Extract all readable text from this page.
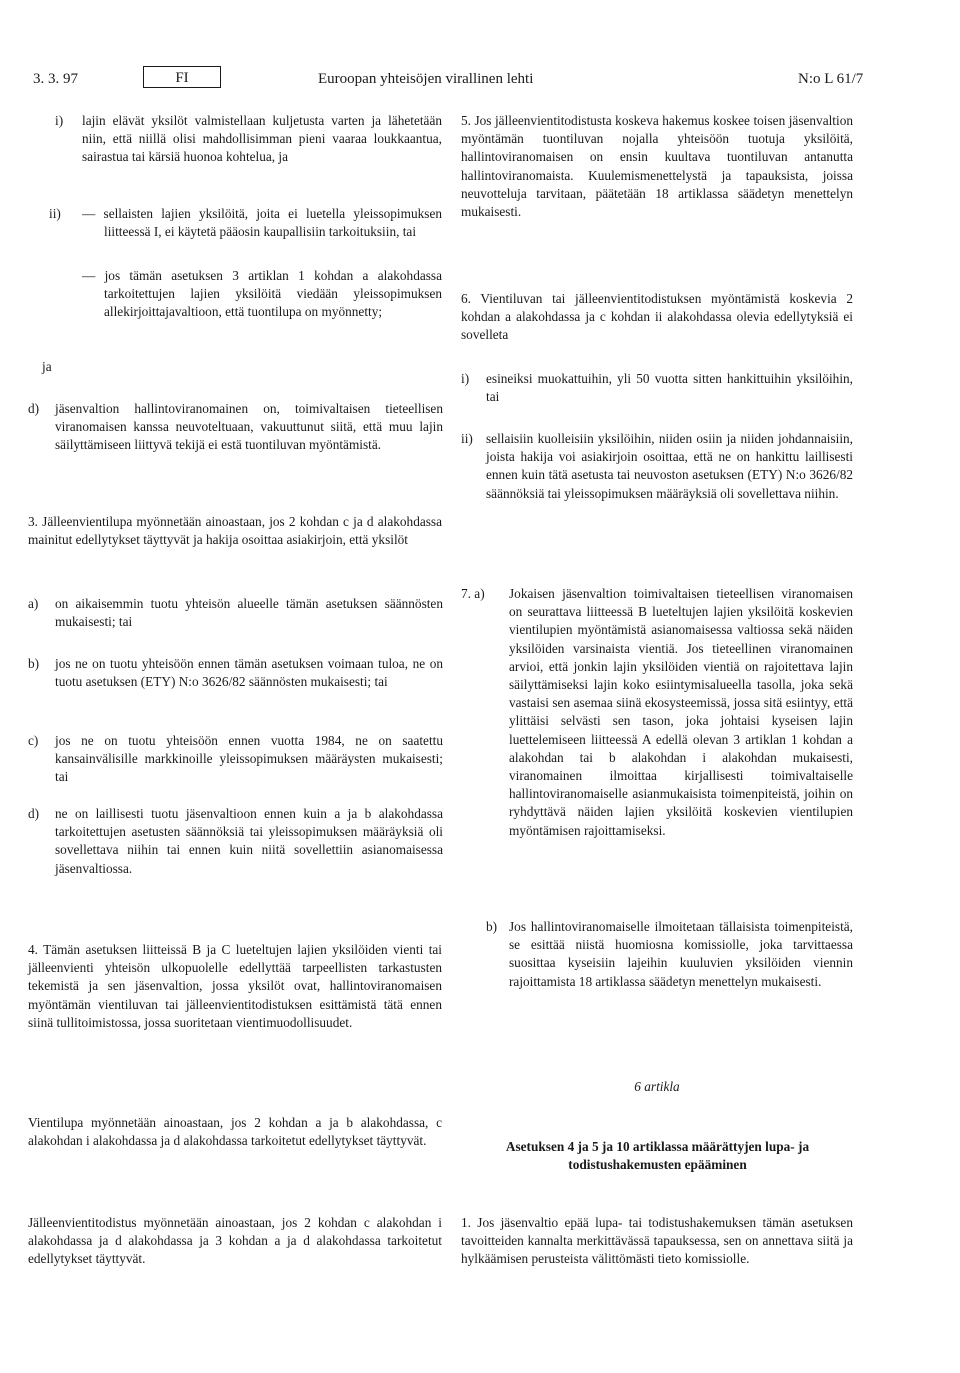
3. 3. 97	FI	Euroopan yhteisöjen virallinen lehti	N:o L 61/7
i) lajin elävät yksilöt valmistellaan kuljetusta varten ja lähetetään niin, että niillä olisi mahdollisimman pieni vaaraa loukkaantua, sairastua tai kärsiä huonoa kohtelua, ja

ii) — sellaisten lajien yksilöitä, joita ei luetella yleissopimuksen liitteessä I, ei käytetä pääosin kaupallisiin tarkoituksiin, tai

— jos tämän asetuksen 3 artiklan 1 kohdan a alakohdassa tarkoitettujen lajien yksilöitä viedään yleissopimuksen allekirjoittajavaltioon, että tuontilupa on myönnetty;

ja
d) jäsenvaltion hallintoviranomainen on, toimivaltaisen tieteellisen viranomaisen kanssa neuvoteltuaan, vakuuttunut siitä, että muu lajin säilyttämiseen liittyvä tekijä ei estä tuontiluvan myöntämistä.

3. Jälleenvientilupa myönnetään ainoastaan, jos 2 kohdan c ja d alakohdassa mainitut edellytykset täyttyvät ja hakija osoittaa asiakirjoin, että yksilöt

a) on aikaisemmin tuotu yhteisön alueelle tämän asetuksen säännösten mukaisesti; tai

b) jos ne on tuotu yhteisöön ennen tämän asetuksen voimaan tuloa, ne on tuotu asetuksen (ETY) N:o 3626/82 säännösten mukaisesti; tai

c) jos ne on tuotu yhteisöön ennen vuotta 1984, ne on saatettu kansainvälisille markkinoille yleissopimuksen määräysten mukaisesti; tai

d) ne on laillisesti tuotu jäsenvaltioon ennen kuin a ja b alakohdassa tarkoitettujen asetusten säännöksiä tai yleissopimuksen määräyksiä oli sovellettava niihin tai ennen kuin niitä sovellettiin asianomaisessa jäsenvaltiossa.

4. Tämän asetuksen liitteissä B ja C lueteltujen lajien yksilöiden vienti tai jälleenvienti yhteisön ulkopuolelle edellyttää tarpeellisten tarkastusten tekemistä ja sen jäsenvaltion, jossa yksilöt ovat, hallintoviranomaisen myöntämän vientiluvan tai jälleenvientitodistuksen esittämistä tätä ennen siinä tullitoimistossa, jossa suoritetaan vientimuodollisuudet.

Vientilupa myönnetään ainoastaan, jos 2 kohdan a ja b alakohdassa, c alakohdan i alakohdassa ja d alakohdassa tarkoitetut edellytykset täyttyvät.

Jälleenvientitodistus myönnetään ainoastaan, jos 2 kohdan c alakohdan i alakohdassa ja d alakohdassa ja 3 kohdan a ja d alakohdassa tarkoitetut edellytykset täyttyvät.

5. Jos jälleenvientitodistusta koskeva hakemus koskee toisen jäsenvaltion myöntämän tuontiluvan nojalla yhteisöön tuotuja yksilöitä, hallintoviranomaisen on ensin kuultava tuontiluvan antanutta hallintoviranomaista. Kuulemismenettelystä ja tapauksista, joissa neuvotteluja tarvitaan, päätetään 18 artiklassa säädetyn menettelyn mukaisesti.

6. Vientiluvan tai jälleenvientitodistuksen myöntämistä koskevia 2 kohdan a alakohdassa ja c kohdan ii alakohdassa olevia edellytyksiä ei sovelleta

i) esineiksi muokattuihin, yli 50 vuotta sitten hankittuihin yksilöihin, tai

ii) sellaisiin kuolleisiin yksilöihin, niiden osiin ja niiden johdannaisiin, joista hakija voi asiakirjoin osoittaa, että ne on hankittu laillisesti ennen kuin tätä asetusta tai neuvoston asetuksen (ETY) N:o 3626/82 säännöksiä tai yleissopimuksen määräyksiä oli sovellettava niihin.

7. a) Jokaisen jäsenvaltion toimivaltaisen tieteellisen viranomaisen on seurattava liitteessä B lueteltujen lajien yksilöitä koskevien vientilupien myöntämistä asianomaisessa valtiossa sekä näiden yksilöiden varsinaista vientiä. Jos tieteellinen viranomainen arvioi, että jonkin lajin yksilöiden vientiä on rajoitettava lajin säilyttämiseksi lajin koko esiintymisalueella tasolla, joka sekä vastaisi sen asemaa siinä ekosysteemissä, jossa sitä esiintyy, että ylittäisi selvästi sen tason, joka johtaisi kyseisen lajin luettelemiseen liitteessä A edellä olevan 3 artiklan 1 kohdan a alakohdan tai b alakohdan i alakohdan mukaisesti, viranomainen ilmoittaa kirjallisesti toimivaltaiselle hallintoviranomaiselle asianmukaisista toimenpiteistä, joihin on ryhdyttävä näiden lajien yksilöitä koskevien vientilupien myöntämisen rajoittamiseksi.

b) Jos hallintoviranomaiselle ilmoitetaan tällaisista toimenpiteistä, se esittää niistä huomiosna komissiolle, joka tarvittaessa suosittaa kyseisiin lajeihin kuuluvien yksilöiden viennin rajoittamista 18 artiklassa säädetyn menettelyn mukaisesti.

6 artikla

Asetuksen 4 ja 5 ja 10 artiklassa määrättyjen lupa- ja todistushakemusten epääminen

1. Jos jäsenvaltio epää lupa- tai todistushakemuksen tämän asetuksen tavoitteiden kannalta merkittävässä tapauksessa, sen on annettava siitä ja hylkäämisen perusteista välittömästi tieto komissiolle.
